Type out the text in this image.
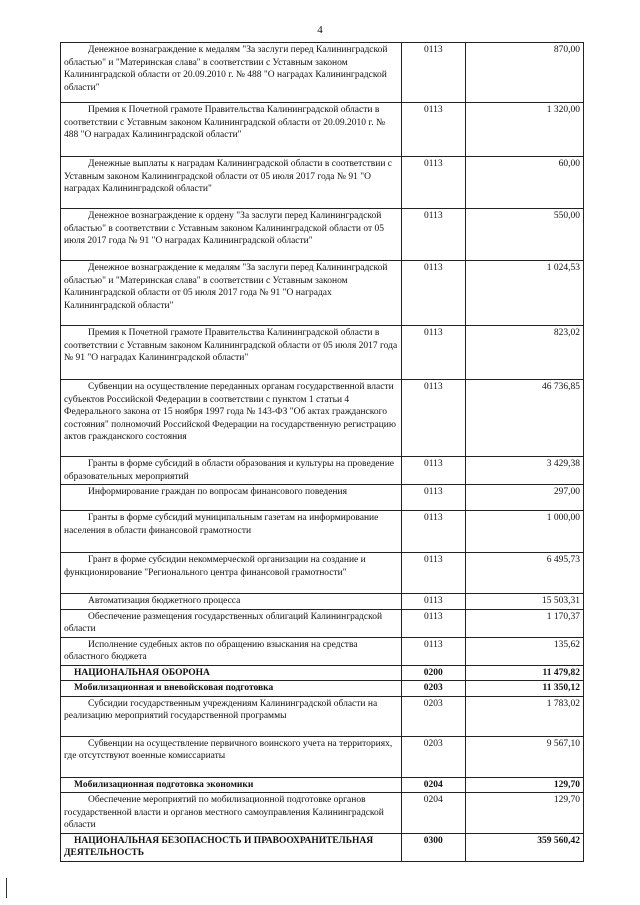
4
Денежное вознаграждение к медалям "За заслуги перед Калининградской областью" и "Материнская слава" в соответствии с Уставным законом Калининградской области от 20.09.2010 г. № 488 "О наградах Калининградской области"	0113	870,00
Премия к Почетной грамоте Правительства Калининградской области в соответствии с Уставным законом Калининградской области от 20.09.2010 г. № 488 "О наградах Калининградской области"	0113	1 320,00
Денежные выплаты к наградам Калининградской области в соответствии с Уставным законом Калининградской области от 05 июля 2017 года № 91 "О наградах Калининградской области"	0113	60,00
Денежное вознаграждение к ордену "За заслуги перед Калининградской областью" в соответствии с Уставным законом Калининградской области от 05 июля 2017 года № 91 "О наградах Калининградской области"	0113	550,00
Денежное вознаграждение к медалям "За заслуги перед Калининградской областью" и "Материнская слава" в соответствии с Уставным законом Калининградской области от 05 июля 2017 года № 91 "О наградах Калининградской области"	0113	1 024,53
Премия к Почетной грамоте Правительства Калининградской области в соответствии с Уставным законом Калининградской области от 05 июля 2017 года № 91 "О наградах Калининградской области"	0113	823,02
Субвенции на осуществление переданных органам государственной власти субъектов Российской Федерации в соответствии с пунктом 1 статьи 4 Федерального закона от 15 ноября 1997 года № 143-ФЗ "Об актах гражданского состояния" полномочий Российской Федерации на государственную регистрацию актов гражданского состояния	0113	46 736,85
Гранты в форме субсидий в области образования и культуры на проведение образовательных мероприятий	0113	3 429,38
Информирование граждан по вопросам финансового поведения	0113	297,00
Гранты в форме субсидий муниципальным газетам на информирование населения в области финансовой грамотности	0113	1 000,00
Грант в форме субсидии некоммерческой организации на создание и функционирование "Регионального центра финансовой грамотности"	0113	6 495,73
Автоматизация бюджетного процесса	0113	15 503,31
Обеспечение размещения государственных облигаций Калининградской области	0113	1 170,37
Исполнение судебных актов по обращению взыскания на средства областного бюджета	0113	135,62
НАЦИОНАЛЬНАЯ ОБОРОНА	0200	11 479,82
Мобилизационная и вневойсковая подготовка	0203	11 350,12
Субсидии государственным учреждениям Калининградской области на реализацию мероприятий государственной программы	0203	1 783,02
Субвенции на осуществление первичного воинского учета на территориях, где отсутствуют военные комиссариаты	0203	9 567,10
Мобилизационная подготовка экономики	0204	129,70
Обеспечение мероприятий по мобилизационной подготовке органов государственной власти и органов местного самоуправления Калининградской области	0204	129,70
НАЦИОНАЛЬНАЯ БЕЗОПАСНОСТЬ И ПРАВООХРАНИТЕЛЬНАЯ ДЕЯТЕЛЬНОСТЬ	0300	359 560,42
